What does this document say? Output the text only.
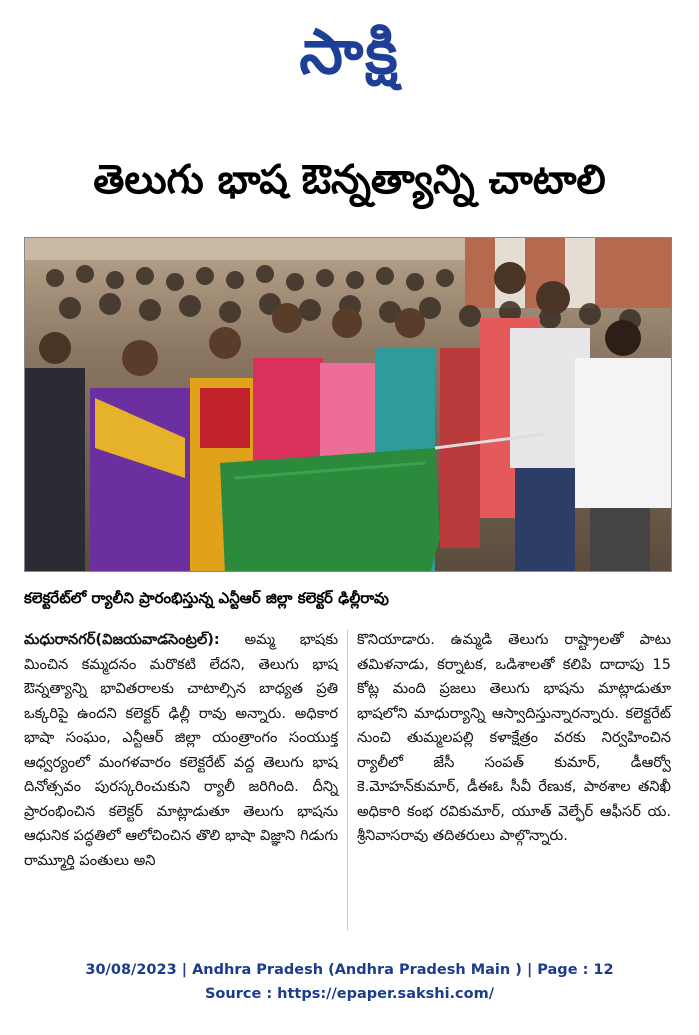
సాక్షి
తెలుగు భాష ఔన్నత్యాన్ని చాటాలి
కలెక్టరేట్‌లో ర్యాలీని ప్రారంభిస్తున్న ఎన్టీఆర్‌ జిల్లా కలెక్టర్‌ ఢిల్లీరావు

మధురానగర్‌(విజయవాడసెంట్రల్‌): అమ్మ భాషకు మించిన కమ్మదనం మరొకటి లేదని, తెలుగు భాష ఔన్నత్యాన్ని భావితరాలకు చాటాల్సిన బాధ్యత ప్రతి ఒక్కరిపై ఉందని కలెక్టర్‌ ఢిల్లీ రావు అన్నారు. అధికార భాషా సంఘం, ఎన్టీఆర్‌ జిల్లా యంత్రాంగం సంయుక్త ఆధ్వర్యంలో మంగళవారం కలెక్టరేట్‌ వద్ద తెలుగు భాష దినోత్సవం పురస్కరించుకుని ర్యాలీ జరిగింది. దీన్ని ప్రారంభించిన కలెక్టర్‌ మాట్లాడుతూ తెలుగు భాషను ఆధునిక పద్ధతిలో ఆలోచించిన తొలి భాషా విజ్ఞాని గిడుగు రామ్మూర్తి పంతులు అని

కొనియాడారు. ఉమ్మడి తెలుగు రాష్ట్రాలతో పాటు తమిళనాడు, కర్నాటక, ఒడిశాలతో కలిపి దాదాపు 15 కోట్ల మంది ప్రజలు తెలుగు భాషను మాట్లాడుతూ భాషలోని మాధుర్యాన్ని ఆస్వాదిస్తున్నారన్నారు. కలెక్టరేట్‌ నుంచి తుమ్మలపల్లి కళాక్షేత్రం వరకు నిర్వహించిన ర్యాలీలో జేసీ సంపత్‌ కుమార్‌, డీఆర్వో కె.మోహన్‌కుమార్‌, డీఈఓ సీవీ రేణుక, పాఠశాల తనిఖీ అధికారి కంభ రవికుమార్‌, యూత్‌ వెల్ఫేర్‌ ఆఫీసర్‌ య. శ్రీనివాసరావు తదితరులు పాల్గొన్నారు.

30/08/2023 | Andhra Pradesh (Andhra Pradesh Main ) | Page : 12
Source : https://epaper.sakshi.com/
